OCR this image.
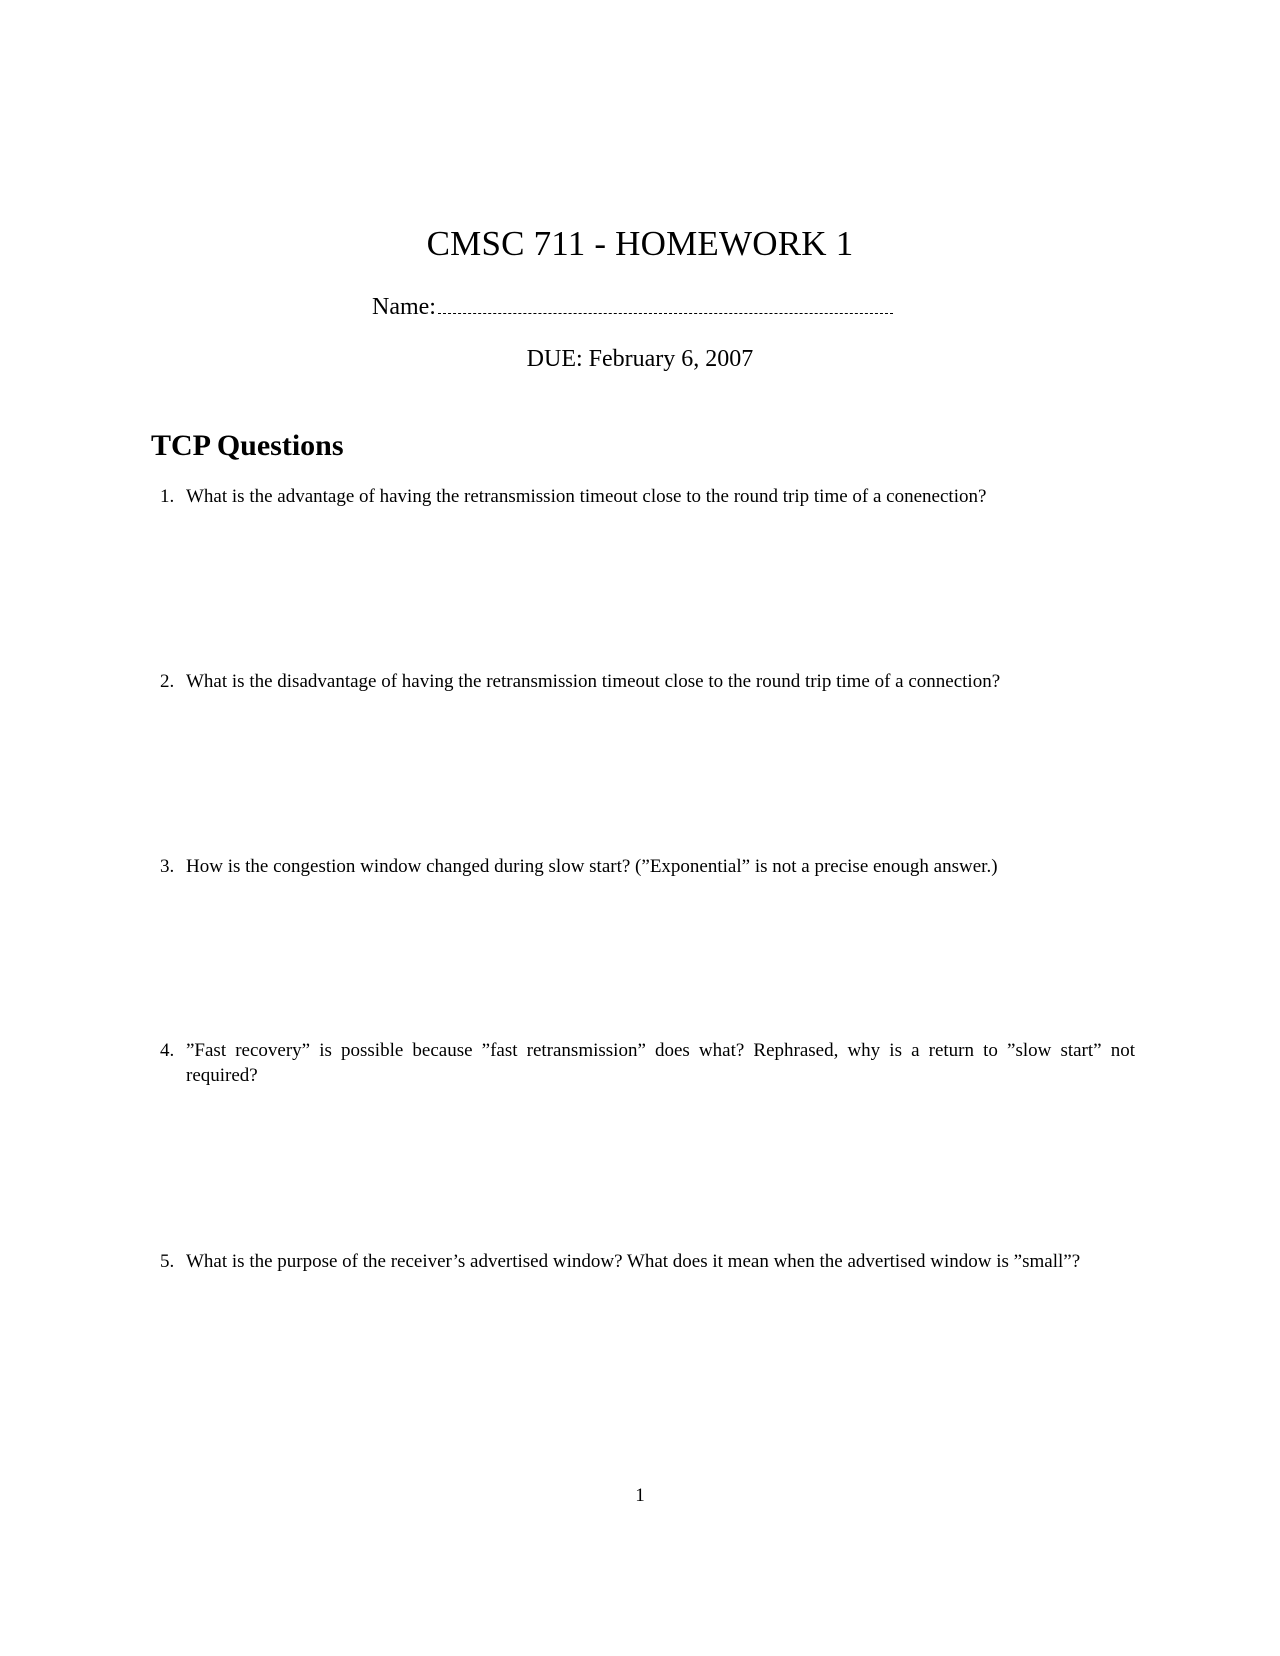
CMSC 711 - HOMEWORK 1
Name:
DUE: February 6, 2007
TCP Questions
1. What is the advantage of having the retransmission timeout close to the round trip time of a conenection?
2. What is the disadvantage of having the retransmission timeout close to the round trip time of a connection?
3. How is the congestion window changed during slow start? (”Exponential” is not a precise enough answer.)
4. ”Fast recovery” is possible because ”fast retransmission” does what? Rephrased, why is a return to ”slow start” not required?
5. What is the purpose of the receiver’s advertised window? What does it mean when the advertised window is ”small”?
1
